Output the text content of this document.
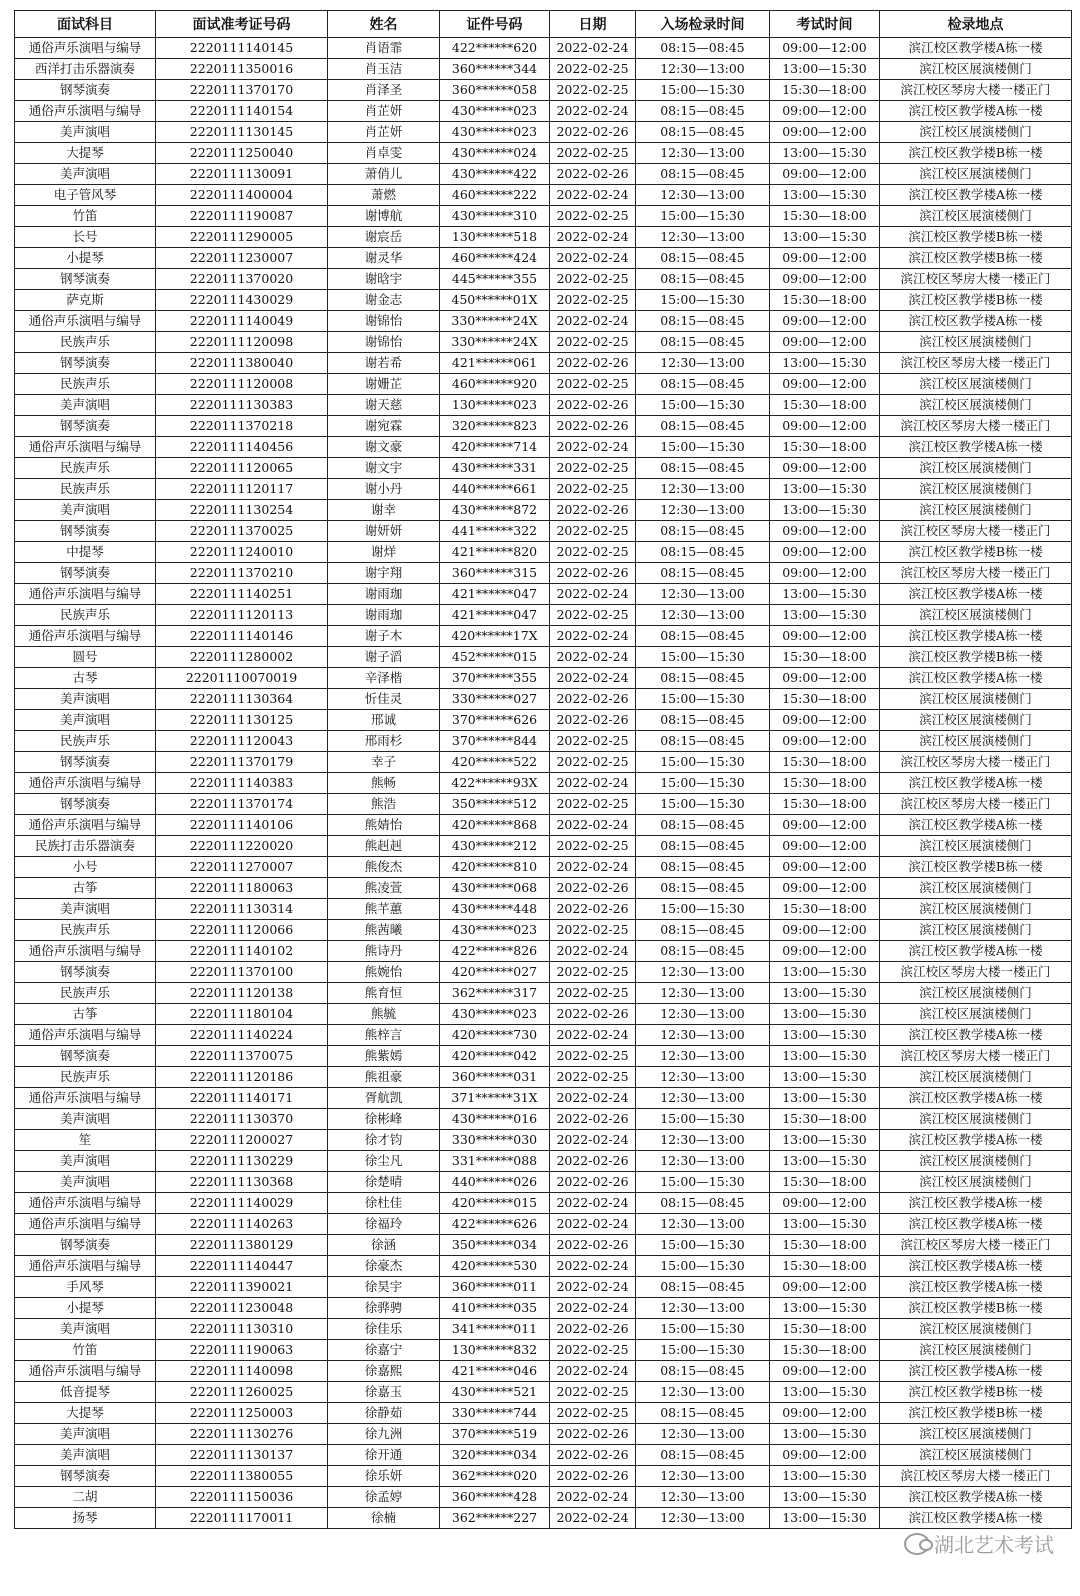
面试科目	面试准考证号码	姓名	证件号码	日期	入场检录时间	考试时间	检录地点
通俗声乐演唱与编导	2220111140145	肖语霏	422******620	2022-02-24	08:15—08:45	09:00—12:00	滨江校区教学楼A栋一楼
西洋打击乐器演奏	2220111350016	肖玉洁	360******344	2022-02-25	12:30—13:00	13:00—15:30	滨江校区展演楼侧门
钢琴演奏	2220111370170	肖泽圣	360******058	2022-02-25	15:00—15:30	15:30—18:00	滨江校区琴房大楼一楼正门
通俗声乐演唱与编导	2220111140154	肖芷妍	430******023	2022-02-24	08:15—08:45	09:00—12:00	滨江校区教学楼A栋一楼
美声演唱	2220111130145	肖芷妍	430******023	2022-02-26	08:15—08:45	09:00—12:00	滨江校区展演楼侧门
大提琴	2220111250040	肖卓雯	430******024	2022-02-25	12:30—13:00	13:00—15:30	滨江校区教学楼B栋一楼
美声演唱	2220111130091	萧俏儿	430******422	2022-02-26	08:15—08:45	09:00—12:00	滨江校区展演楼侧门
电子管风琴	2220111400004	萧燃	460******222	2022-02-24	12:30—13:00	13:00—15:30	滨江校区教学楼A栋一楼
竹笛	2220111190087	谢博航	430******310	2022-02-25	15:00—15:30	15:30—18:00	滨江校区展演楼侧门
长号	2220111290005	谢宸岳	130******518	2022-02-24	12:30—13:00	13:00—15:30	滨江校区教学楼B栋一楼
小提琴	2220111230007	谢灵华	460******424	2022-02-24	08:15—08:45	09:00—12:00	滨江校区教学楼B栋一楼
钢琴演奏	2220111370020	谢晗宇	445******355	2022-02-25	08:15—08:45	09:00—12:00	滨江校区琴房大楼一楼正门
萨克斯	2220111430029	谢金志	450******01X	2022-02-25	15:00—15:30	15:30—18:00	滨江校区教学楼B栋一楼
通俗声乐演唱与编导	2220111140049	谢锦怡	330******24X	2022-02-24	08:15—08:45	09:00—12:00	滨江校区教学楼A栋一楼
民族声乐	2220111120098	谢锦怡	330******24X	2022-02-25	08:15—08:45	09:00—12:00	滨江校区展演楼侧门
钢琴演奏	2220111380040	谢若希	421******061	2022-02-26	12:30—13:00	13:00—15:30	滨江校区琴房大楼一楼正门
民族声乐	2220111120008	谢姗芷	460******920	2022-02-25	08:15—08:45	09:00—12:00	滨江校区展演楼侧门
美声演唱	2220111130383	谢天慈	130******023	2022-02-26	15:00—15:30	15:30—18:00	滨江校区展演楼侧门
钢琴演奏	2220111370218	谢宛霖	320******823	2022-02-26	08:15—08:45	09:00—12:00	滨江校区琴房大楼一楼正门
通俗声乐演唱与编导	2220111140456	谢文豪	420******714	2022-02-24	15:00—15:30	15:30—18:00	滨江校区教学楼A栋一楼
民族声乐	2220111120065	谢文宇	430******331	2022-02-25	08:15—08:45	09:00—12:00	滨江校区展演楼侧门
民族声乐	2220111120117	谢小丹	440******661	2022-02-25	12:30—13:00	13:00—15:30	滨江校区展演楼侧门
美声演唱	2220111130254	谢幸	430******872	2022-02-26	12:30—13:00	13:00—15:30	滨江校区展演楼侧门
钢琴演奏	2220111370025	谢妍妍	441******322	2022-02-25	08:15—08:45	09:00—12:00	滨江校区琴房大楼一楼正门
中提琴	2220111240010	谢烊	421******820	2022-02-25	08:15—08:45	09:00—12:00	滨江校区教学楼B栋一楼
钢琴演奏	2220111370210	谢宇翔	360******315	2022-02-26	08:15—08:45	09:00—12:00	滨江校区琴房大楼一楼正门
通俗声乐演唱与编导	2220111140251	谢雨珈	421******047	2022-02-24	12:30—13:00	13:00—15:30	滨江校区教学楼A栋一楼
民族声乐	2220111120113	谢雨珈	421******047	2022-02-25	12:30—13:00	13:00—15:30	滨江校区展演楼侧门
通俗声乐演唱与编导	2220111140146	谢子木	420******17X	2022-02-24	08:15—08:45	09:00—12:00	滨江校区教学楼A栋一楼
圆号	2220111280002	谢子滔	452******015	2022-02-24	15:00—15:30	15:30—18:00	滨江校区教学楼B栋一楼
古琴	22201110070019	辛泽楷	370******355	2022-02-24	08:15—08:45	09:00—12:00	滨江校区教学楼A栋一楼
美声演唱	2220111130364	忻佳灵	330******027	2022-02-26	15:00—15:30	15:30—18:00	滨江校区展演楼侧门
美声演唱	2220111130125	邢诚	370******626	2022-02-26	08:15—08:45	09:00—12:00	滨江校区展演楼侧门
民族声乐	2220111120043	邢雨杉	370******844	2022-02-25	08:15—08:45	09:00—12:00	滨江校区展演楼侧门
钢琴演奏	2220111370179	幸子	420******522	2022-02-25	15:00—15:30	15:30—18:00	滨江校区琴房大楼一楼正门
通俗声乐演唱与编导	2220111140383	熊畅	422******93X	2022-02-24	15:00—15:30	15:30—18:00	滨江校区教学楼A栋一楼
钢琴演奏	2220111370174	熊浩	350******512	2022-02-25	15:00—15:30	15:30—18:00	滨江校区琴房大楼一楼正门
通俗声乐演唱与编导	2220111140106	熊婧怡	420******868	2022-02-24	08:15—08:45	09:00—12:00	滨江校区教学楼A栋一楼
民族打击乐器演奏	2220111220020	熊赳赳	430******212	2022-02-25	08:15—08:45	09:00—12:00	滨江校区展演楼侧门
小号	2220111270007	熊俊杰	420******810	2022-02-24	08:15—08:45	09:00—12:00	滨江校区教学楼B栋一楼
古筝	2220111180063	熊凌萱	430******068	2022-02-26	08:15—08:45	09:00—12:00	滨江校区展演楼侧门
美声演唱	2220111130314	熊芊蕙	430******448	2022-02-26	15:00—15:30	15:30—18:00	滨江校区展演楼侧门
民族声乐	2220111120066	熊茜曦	430******023	2022-02-25	08:15—08:45	09:00—12:00	滨江校区展演楼侧门
通俗声乐演唱与编导	2220111140102	熊诗丹	422******826	2022-02-24	08:15—08:45	09:00—12:00	滨江校区教学楼A栋一楼
钢琴演奏	2220111370100	熊婉怡	420******027	2022-02-25	12:30—13:00	13:00—15:30	滨江校区琴房大楼一楼正门
民族声乐	2220111120138	熊育恒	362******317	2022-02-25	12:30—13:00	13:00—15:30	滨江校区展演楼侧门
古筝	2220111180104	熊毓	430******023	2022-02-26	12:30—13:00	13:00—15:30	滨江校区展演楼侧门
通俗声乐演唱与编导	2220111140224	熊梓言	420******730	2022-02-24	12:30—13:00	13:00—15:30	滨江校区教学楼A栋一楼
钢琴演奏	2220111370075	熊紫嫣	420******042	2022-02-25	12:30—13:00	13:00—15:30	滨江校区琴房大楼一楼正门
民族声乐	2220111120186	熊祖豪	360******031	2022-02-25	12:30—13:00	13:00—15:30	滨江校区展演楼侧门
通俗声乐演唱与编导	2220111140171	胥航凯	371******31X	2022-02-24	12:30—13:00	13:00—15:30	滨江校区教学楼A栋一楼
美声演唱	2220111130370	徐彬峰	430******016	2022-02-26	15:00—15:30	15:30—18:00	滨江校区展演楼侧门
笙	2220111200027	徐才钧	330******030	2022-02-24	12:30—13:00	13:00—15:30	滨江校区教学楼A栋一楼
美声演唱	2220111130229	徐尘凡	331******088	2022-02-26	12:30—13:00	13:00—15:30	滨江校区展演楼侧门
美声演唱	2220111130368	徐楚晴	440******026	2022-02-26	15:00—15:30	15:30—18:00	滨江校区展演楼侧门
通俗声乐演唱与编导	2220111140029	徐杜佳	420******015	2022-02-24	08:15—08:45	09:00—12:00	滨江校区教学楼A栋一楼
通俗声乐演唱与编导	2220111140263	徐福玲	422******626	2022-02-24	12:30—13:00	13:00—15:30	滨江校区教学楼A栋一楼
钢琴演奏	2220111380129	徐涵	350******034	2022-02-26	15:00—15:30	15:30—18:00	滨江校区琴房大楼一楼正门
通俗声乐演唱与编导	2220111140447	徐豪杰	420******530	2022-02-24	15:00—15:30	15:30—18:00	滨江校区教学楼A栋一楼
手风琴	2220111390021	徐昊宇	360******011	2022-02-24	08:15—08:45	09:00—12:00	滨江校区教学楼A栋一楼
小提琴	2220111230048	徐骅骋	410******035	2022-02-24	12:30—13:00	13:00—15:30	滨江校区教学楼B栋一楼
美声演唱	2220111130310	徐佳乐	341******011	2022-02-26	15:00—15:30	15:30—18:00	滨江校区展演楼侧门
竹笛	2220111190063	徐嘉宁	130******832	2022-02-25	15:00—15:30	15:30—18:00	滨江校区展演楼侧门
通俗声乐演唱与编导	2220111140098	徐嘉熙	421******046	2022-02-24	08:15—08:45	09:00—12:00	滨江校区教学楼A栋一楼
低音提琴	2220111260025	徐嘉玉	430******521	2022-02-25	12:30—13:00	13:00—15:30	滨江校区教学楼B栋一楼
大提琴	2220111250003	徐静茹	330******744	2022-02-25	08:15—08:45	09:00—12:00	滨江校区教学楼B栋一楼
美声演唱	2220111130276	徐九洲	370******519	2022-02-26	12:30—13:00	13:00—15:30	滨江校区展演楼侧门
美声演唱	2220111130137	徐开通	320******034	2022-02-26	08:15—08:45	09:00—12:00	滨江校区展演楼侧门
钢琴演奏	2220111380055	徐乐妍	362******020	2022-02-26	12:30—13:00	13:00—15:30	滨江校区琴房大楼一楼正门
二胡	2220111150036	徐孟婷	360******428	2022-02-24	12:30—13:00	13:00—15:30	滨江校区教学楼A栋一楼
扬琴	2220111170011	徐楠	362******227	2022-02-24	12:30—13:00	13:00—15:30	滨江校区教学楼A栋一楼
湖北艺术考试
